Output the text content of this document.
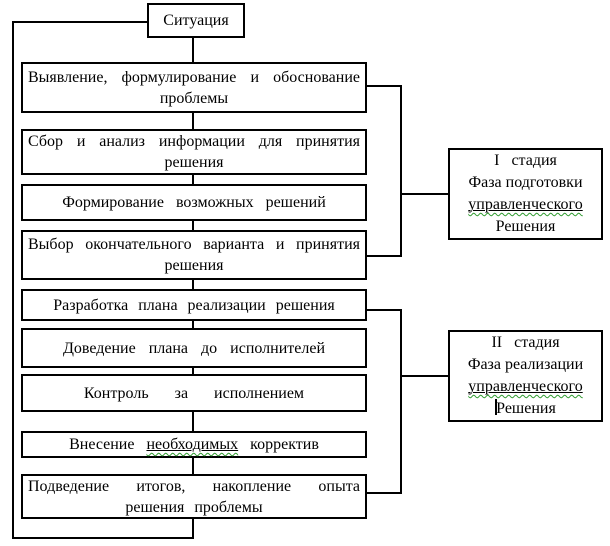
Ситуация
Выявление, формулирование и обоснование проблемы
Сбор и анализ информации для принятия решения
Формирование возможных решений
Выбор окончательного варианта и принятия решения
Разработка плана реализации решения
Доведение плана до исполнителей
Контроль за исполнением
Внесение необходимых корректив
Подведение итогов, накопление опыта решения проблемы
I   стадия
Фаза подготовки
управленческого
Решения
II   стадия
Фаза реализации
управленческого
Решения
